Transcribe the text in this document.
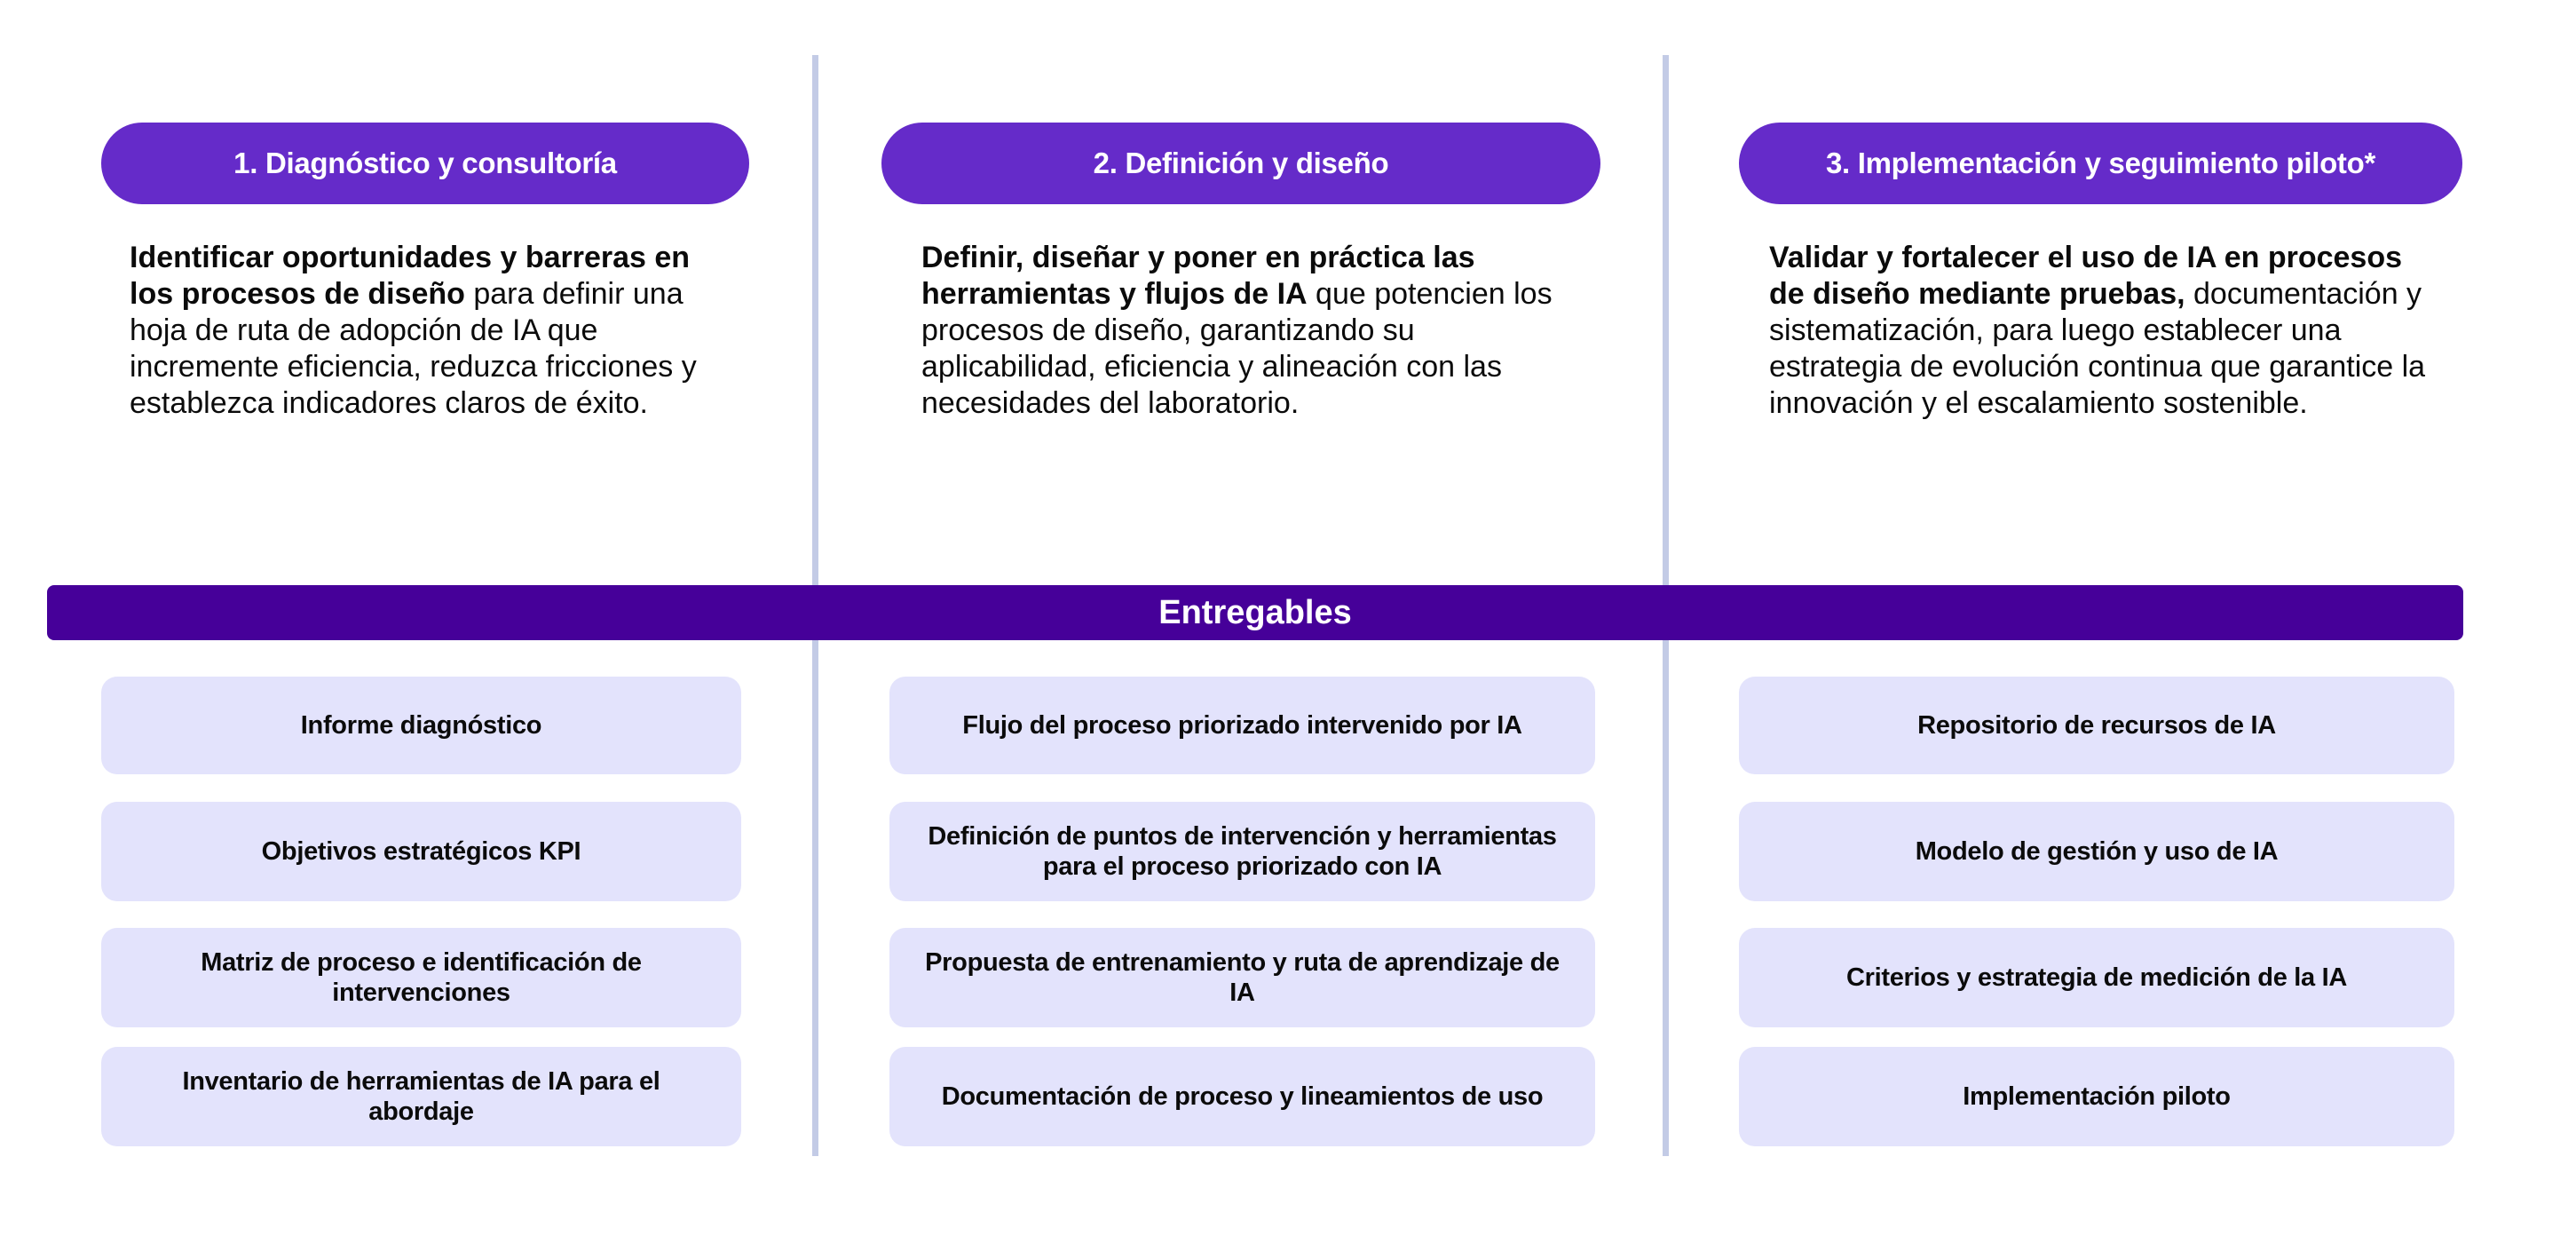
1. Diagnóstico y consultoría	2. Definición y diseño	3. Implementación y seguimiento piloto*
Identificar oportunidades y barreras en los procesos de diseño para definir una hoja de ruta de adopción de IA que incremente eficiencia, reduzca fricciones y establezca indicadores claros de éxito.
Definir, diseñar y poner en práctica las herramientas y flujos de IA que potencien los procesos de diseño, garantizando su aplicabilidad, eficiencia y alineación con las necesidades del laboratorio.
Validar y fortalecer el uso de IA en procesos de diseño mediante pruebas, documentación y sistematización, para luego establecer una estrategia de evolución continua que garantice la innovación y el escalamiento sostenible.
Entregables
Informe diagnóstico
Objetivos estratégicos KPI
Matriz de proceso e identificación de intervenciones
Inventario de herramientas de IA para el abordaje
Flujo del proceso priorizado intervenido por IA
Definición de puntos de intervención y herramientas para el proceso priorizado con IA
Propuesta de entrenamiento y ruta de aprendizaje de IA
Documentación de proceso y lineamientos de uso
Repositorio de recursos de IA
Modelo de gestión y uso de IA
Criterios y estrategia de medición de la IA
Implementación piloto
